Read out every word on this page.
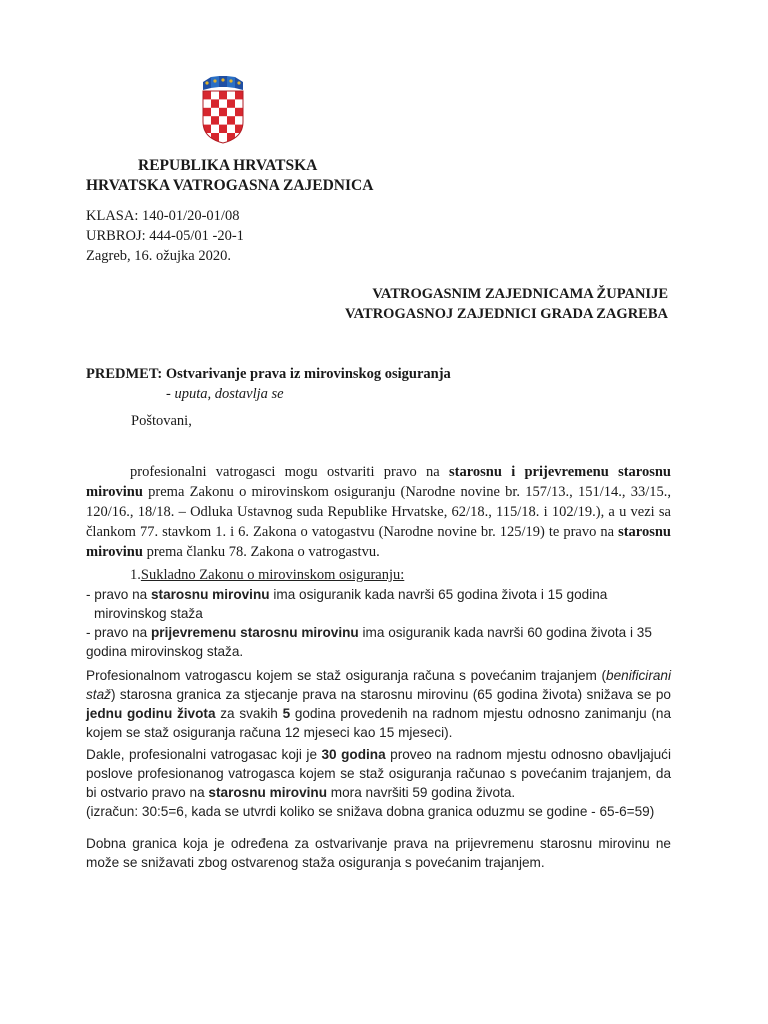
REPUBLIKA HRVATSKA
HRVATSKA VATROGASNA ZAJEDNICA
KLASA: 140-01/20-01/08
URBROJ: 444-05/01 -20-1
Zagreb, 16. ožujka 2020.
VATROGASNIM ZAJEDNICAMA ŽUPANIJE
VATROGASNOJ ZAJEDNICI GRADA ZAGREBA
PREDMET: Ostvarivanje prava iz mirovinskog osiguranja
- uputa, dostavlja se
Poštovani,
profesionalni vatrogasci mogu ostvariti pravo na starosnu i prijevremenu starosnu mirovinu prema Zakonu o mirovinskom osiguranju (Narodne novine br. 157/13., 151/14., 33/15., 120/16., 18/18. – Odluka Ustavnog suda Republike Hrvatske, 62/18., 115/18. i 102/19.), a u vezi sa člankom 77. stavkom 1. i 6. Zakona o vatogastvu (Narodne novine br. 125/19) te pravo na starosnu mirovinu prema članku 78. Zakona o vatrogastvu.
1.Sukladno Zakonu o mirovinskom osiguranju:
- pravo na starosnu mirovinu ima osiguranik kada navrši 65 godina života i 15 godina
mirovinskog staža
- pravo na prijevremenu starosnu mirovinu ima osiguranik kada navrši 60 godina života i 35
godina mirovinskog staža.
Profesionalnom vatrogascu kojem se staž osiguranja računa s povećanim trajanjem (benificirani staž) starosna granica za stjecanje prava na starosnu mirovinu (65 godina života) snižava se po jednu godinu života za svakih 5 godina provedenih na radnom mjestu odnosno zanimanju (na kojem se staž osiguranja računa 12 mjeseci kao 15 mjeseci).
Dakle, profesionalni vatrogasac koji je 30 godina proveo na radnom mjestu odnosno obavljajući poslove profesionanog vatrogasca kojem se staž osiguranja računao s povećanim trajanjem, da bi ostvario pravo na starosnu mirovinu mora navršiti 59 godina života.
(izračun: 30:5=6, kada se utvrdi koliko se snižava dobna granica oduzmu se godine - 65-6=59)
Dobna granica koja je određena za ostvarivanje prava na prijevremenu starosnu mirovinu ne može se snižavati zbog ostvarenog staža osiguranja s povećanim trajanjem.
